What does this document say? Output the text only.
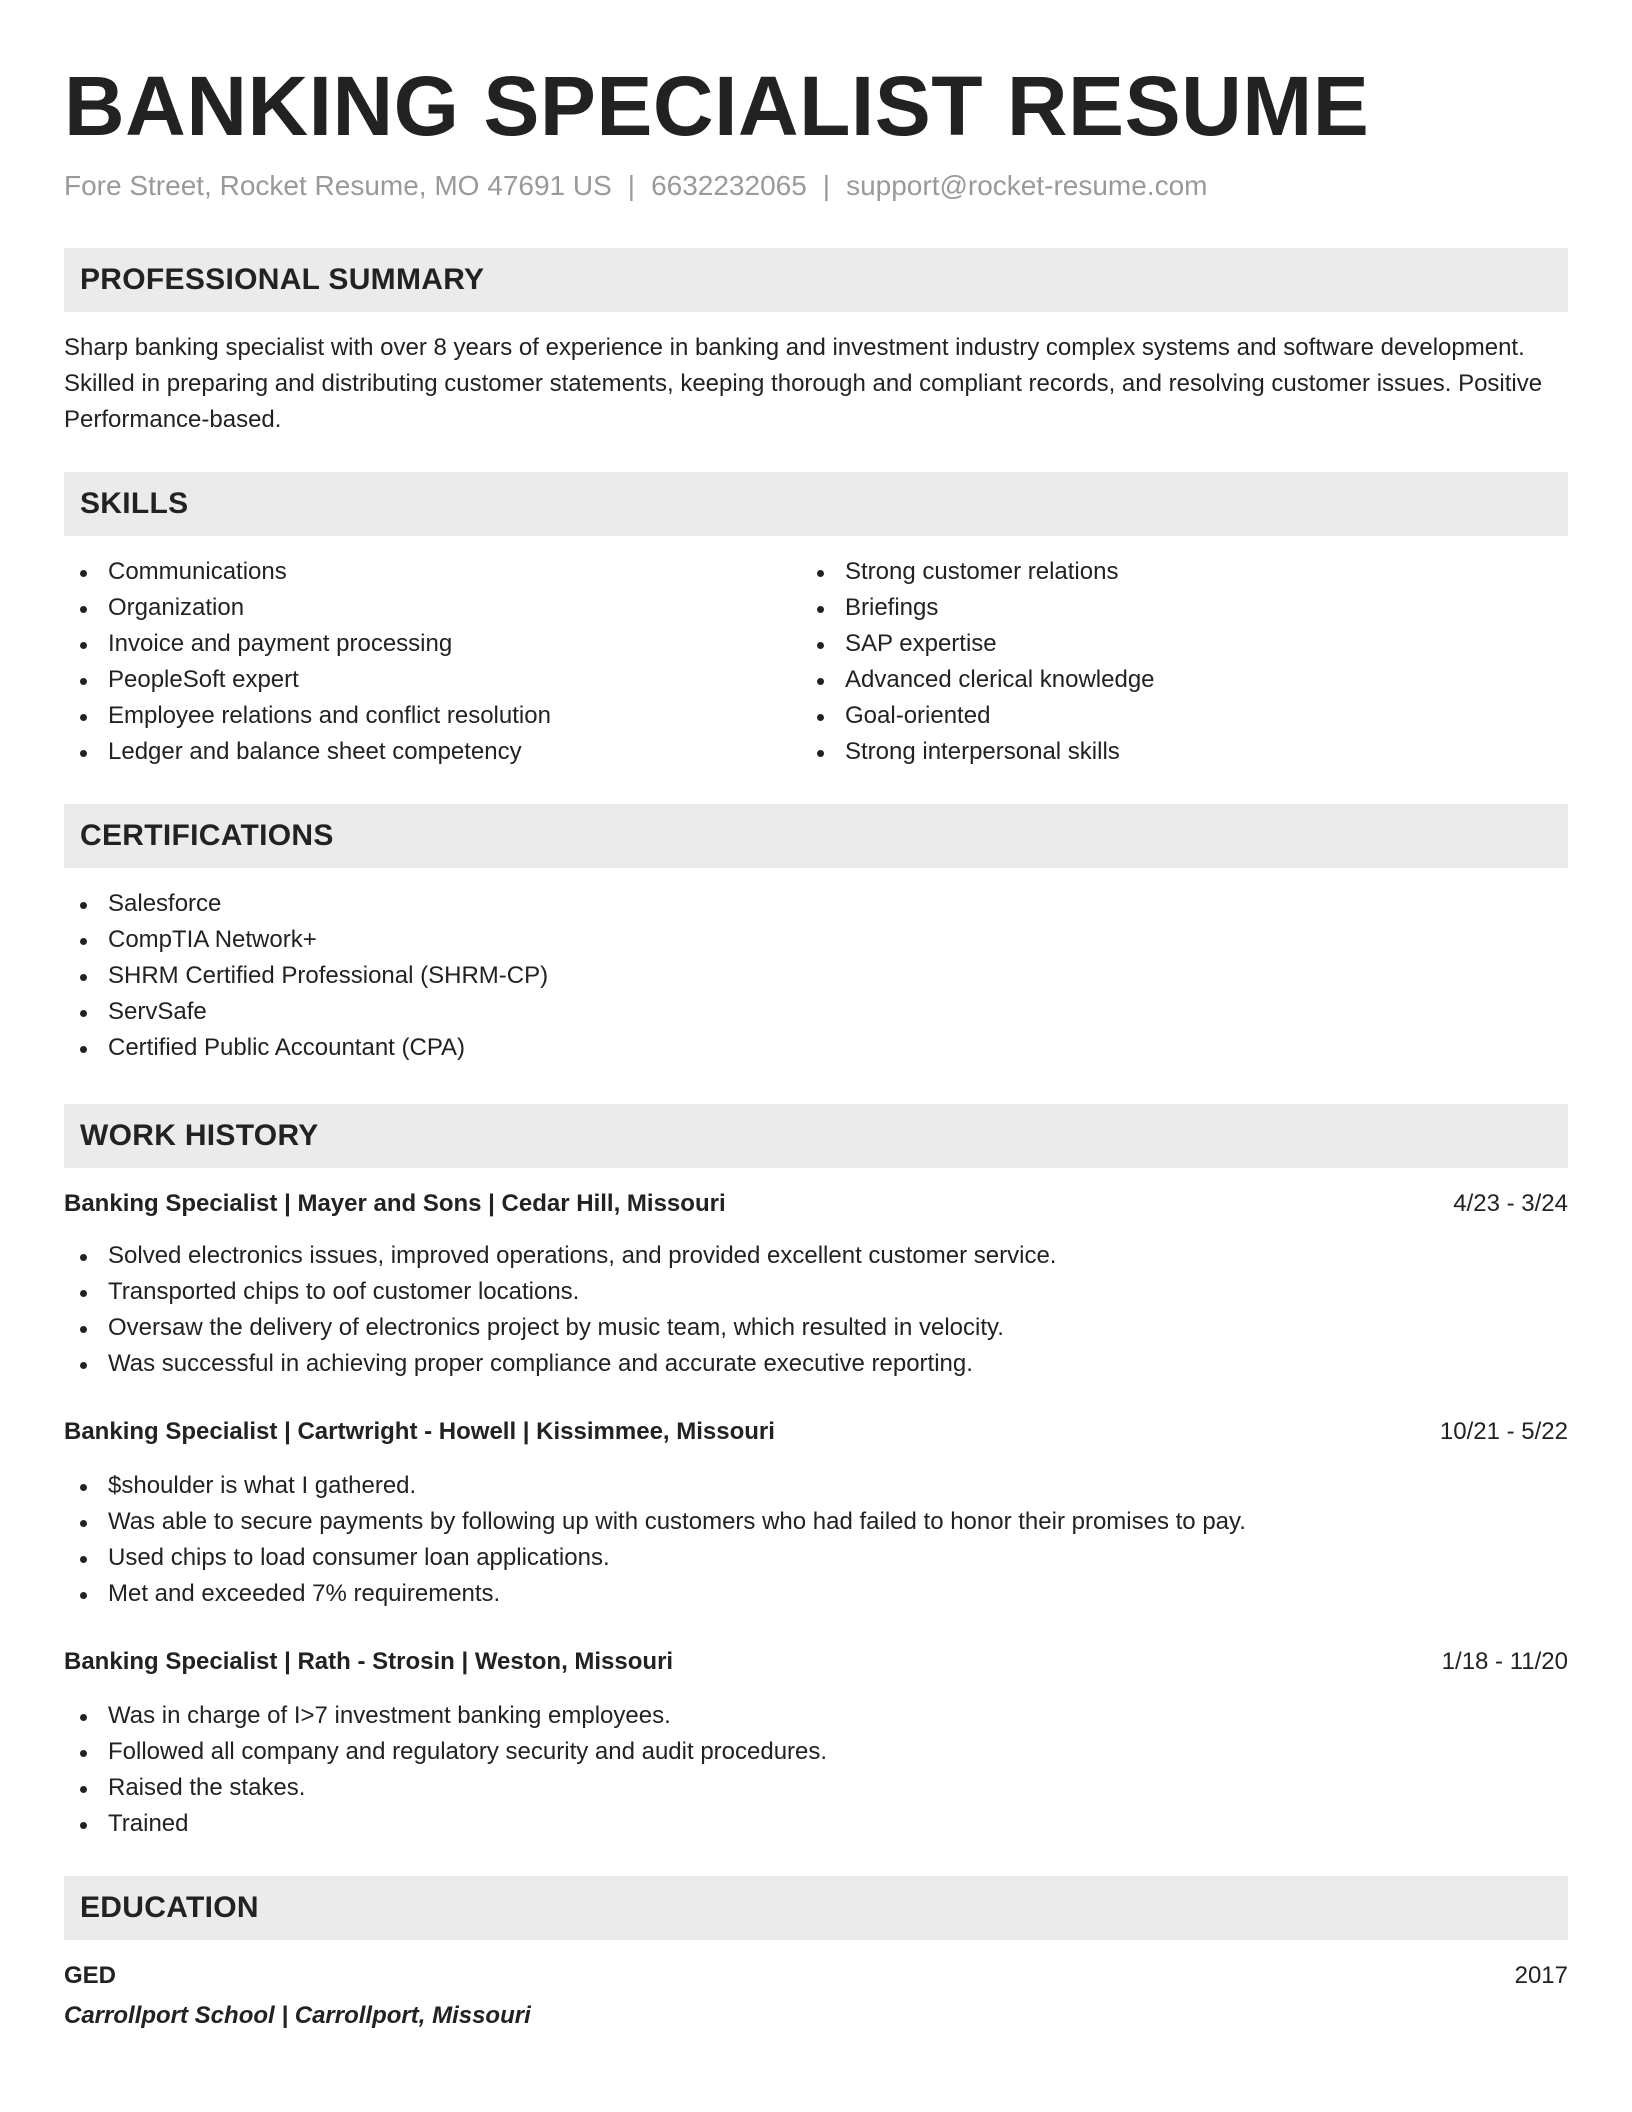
BANKING SPECIALIST RESUME
Fore Street, Rocket Resume, MO 47691 US | 6632232065 | support@rocket-resume.com
PROFESSIONAL SUMMARY

Sharp banking specialist with over 8 years of experience in banking and investment industry complex systems and software development. Skilled in preparing and distributing customer statements, keeping thorough and compliant records, and resolving customer issues. Positive Performance-based.

SKILLS
Communications
Organization
Invoice and payment processing
PeopleSoft expert
Employee relations and conflict resolution
Ledger and balance sheet competency
Strong customer relations
Briefings
SAP expertise
Advanced clerical knowledge
Goal-oriented
Strong interpersonal skills
CERTIFICATIONS
Salesforce
CompTIA Network+
SHRM Certified Professional (SHRM-CP)
ServSafe
Certified Public Accountant (CPA)
WORK HISTORY
Banking Specialist | Mayer and Sons | Cedar Hill, Missouri	4/23 - 3/24
Solved electronics issues, improved operations, and provided excellent customer service.
Transported chips to oof customer locations.
Oversaw the delivery of electronics project by music team, which resulted in velocity.
Was successful in achieving proper compliance and accurate executive reporting.
Banking Specialist | Cartwright - Howell | Kissimmee, Missouri	10/21 - 5/22
$shoulder is what I gathered.
Was able to secure payments by following up with customers who had failed to honor their promises to pay.
Used chips to load consumer loan applications.
Met and exceeded 7% requirements.
Banking Specialist | Rath - Strosin | Weston, Missouri	1/18 - 11/20
Was in charge of I>7 investment banking employees.
Followed all company and regulatory security and audit procedures.
Raised the stakes.
Trained
EDUCATION
GED	2017
Carrollport School | Carrollport, Missouri
